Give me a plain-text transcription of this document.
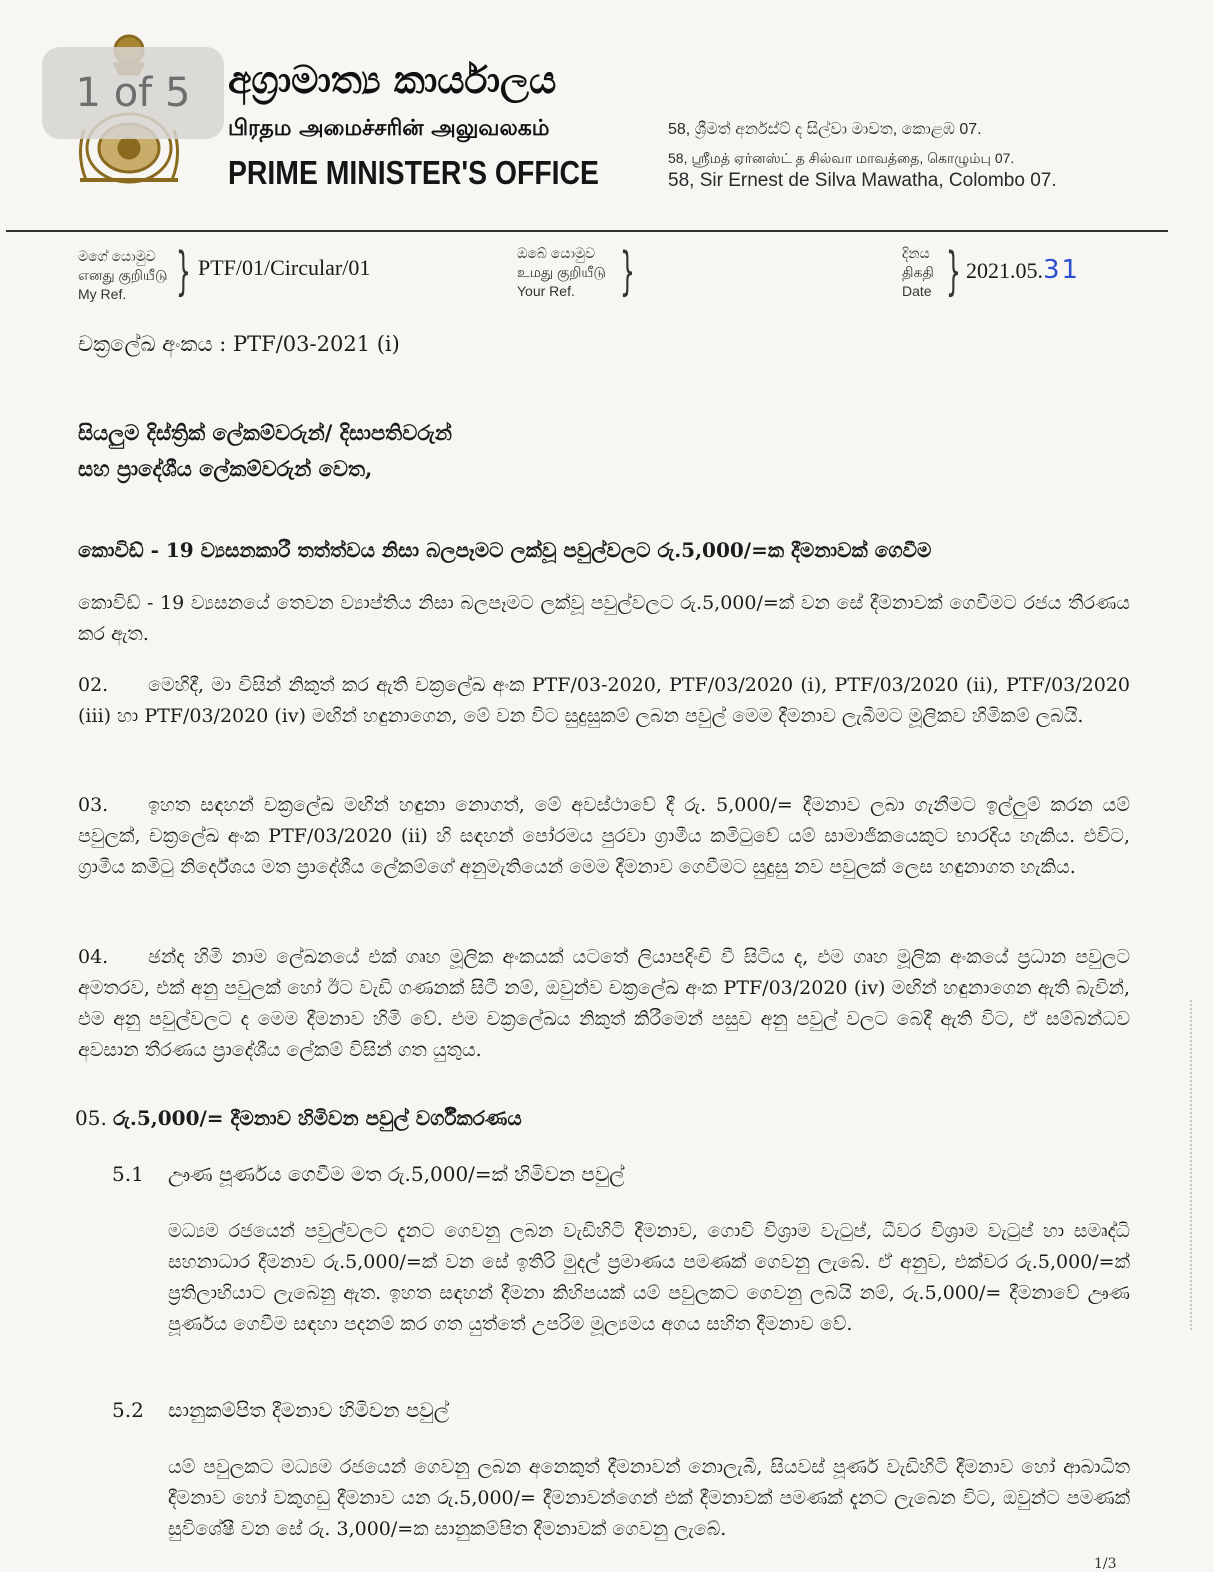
1 of 5 අග්‍රාමාත්‍ය කාර්යාලය
பிரதம அமைச்சரின் அலுவலகம்
PRIME MINISTER'S OFFICE
58, ශ්‍රීමත් අර්නස්ට් ද සිල්වා මාවත, කොළඹ 07.
58, ஸ்ரீமத் ஏர்னஸ்ட் த சில்வா மாவத்தை, கொழும்பு 07.
58, Sir Ernest de Silva Mawatha, Colombo 07.
මගේ යොමුව
எனது குறியீடு
My Ref. } PTF/01/Circular/01
ඔබේ යොමුව
உமது குறியீடு
Your Ref. }	දිනය
திகதி
Date } 2021.05.31
චක්‍රලේඛ අංකය : PTF/03-2021 (i)
සියලුම දිස්ත්‍රික් ලේකම්වරුන්/ දිසාපතිවරුන්
සහ ප්‍රාදේශීය ලේකම්වරුන් වෙත,
කොවිඩ් - 19 ව්‍යසනකාරී තත්ත්වය නිසා බලපෑමට ලක්වූ පවුල්වලට රු.5,000/=ක දීමනාවක් ගෙවීම
කොවිඩ් - 19 ව්‍යසනයේ තෙවන ව්‍යාප්තිය නිසා බලපෑමට ලක්වූ පවුල්වලට රු.5,000/=ක් වන සේ දීමනාවක් ගෙවීමට රජය තීරණය කර ඇත.
02. මෙහිදී, මා විසින් නිකුත් කර ඇති චක්‍රලේඛ අංක PTF/03-2020, PTF/03/2020 (i), PTF/03/2020 (ii), PTF/03/2020 (iii) හා PTF/03/2020 (iv) මඟින් හඳුනාගෙන, මේ වන විට සුදුසුකම් ලබන පවුල් මෙම දීමනාව ලැබීමට මූලිකව හිමිකම් ලබයි.
03. ඉහත සඳහන් චක්‍රලේඛ මඟින් හඳුනා නොගත්, මේ අවස්ථාවේ දී රු. 5,000/= දීමනාව ලබා ගැනීමට ඉල්ලුම් කරන යම් පවුලක්, චක්‍රලේඛ අංක PTF/03/2020 (ii) හි සඳහන් පෝරමය පුරවා ග්‍රාමීය කමිටුවේ යම් සාමාජිකයෙකුට භාරදිය හැකිය. එවිට, ග්‍රාමීය කමිටු නිර්දේශය මත ප්‍රාදේශීය ලේකම්ගේ අනුමැතියෙන් මෙම දීමනාව ගෙවීමට සුදුසු නව පවුලක් ලෙස හඳුනාගත හැකිය.
04. ඡන්ද හිමි නාම ලේඛනයේ එක් ගෘහ මූලික අංකයක් යටතේ ලියාපදිංචි වී සිටිය ද, එම ගෘහ මූලික අංකයේ ප්‍රධාන පවුලට අමතරව, එක් අනු පවුලක් හෝ ඊට වැඩි ගණනක් සිටී නම්, ඔවුන්ව චක්‍රලේඛ අංක PTF/03/2020 (iv) මඟින් හඳුනාගෙන ඇති බැවින්, එම අනු පවුල්වලට ද මෙම දීමනාව හිමි වේ. එම චක්‍රලේඛය නිකුත් කිරීමෙන් පසුව අනු පවුල් වලට බෙදී ඇති විට, ඒ සම්බන්ධව අවසාන තීරණය ප්‍රාදේශීය ලේකම් විසින් ගත යුතුය.
05. රු.5,000/= දීමනාව හිමිවන පවුල් වර්ගීකරණය
5.1 ඌණ පූර්ණය ගෙවීම මත රු.5,000/=ක් හිමිවන පවුල්
මධ්‍යම රජයෙන් පවුල්වලට දැනට ගෙවනු ලබන වැඩිහිටි දීමනාව, ගොවි විශ්‍රාම වැටුප්, ධීවර විශ්‍රාම වැටුප් හා සමෘද්ධි සහනාධාර දීමනාව රු.5,000/=ක් වන සේ ඉතිරි මුදල් ප්‍රමාණය පමණක් ගෙවනු ලැබේ. ඒ අනුව, එක්වර රු.5,000/=ක් ප්‍රතිලාභියාට ලැබෙනු ඇත. ඉහත සඳහන් දීමනා කිහිපයක් යම් පවුලකට ගෙවනු ලබයි නම්, රු.5,000/= දීමනාවේ ඌණ පූර්ණය ගෙවීම සඳහා පදනම් කර ගත යුත්තේ උපරිම මූල්‍යමය අගය සහිත දීමනාව වේ.
5.2 සානුකම්පිත දීමනාව හිමිවන පවුල්
යම් පවුලකට මධ්‍යම රජයෙන් ගෙවනු ලබන අනෙකුත් දීමනාවන් නොලැබී, සියවස් පූර්ණ වැඩිහිටි දීමනාව හෝ ආබාධිත දීමනාව හෝ වකුගඩු දීමනාව යන රු.5,000/= දීමනාවන්ගෙන් එක් දීමනාවක් පමණක් දැනට ලැබෙන විට, ඔවුන්ට පමණක් සුවිශේෂී වන සේ රු. 3,000/=ක සානුකම්පිත දීමනාවක් ගෙවනු ලැබේ.
1/3
